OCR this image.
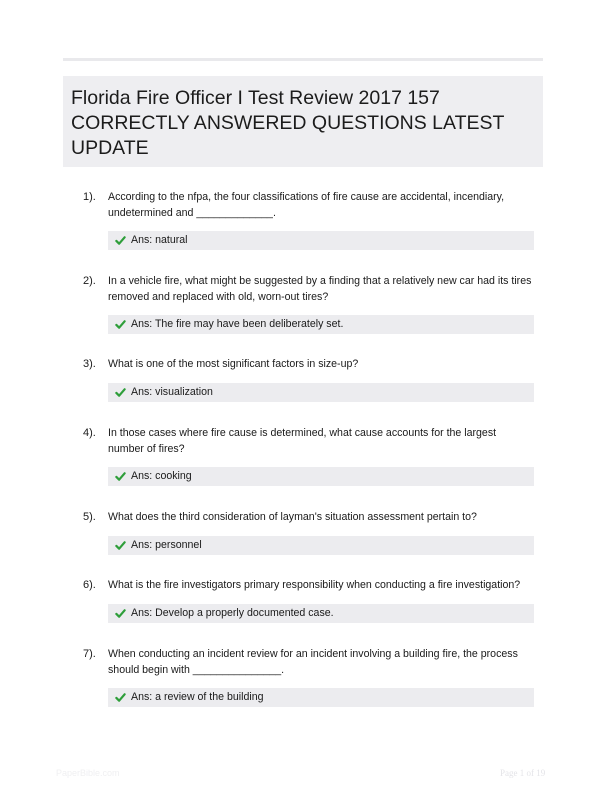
Florida Fire Officer I Test Review 2017 157 CORRECTLY ANSWERED QUESTIONS LATEST UPDATE
1). According to the nfpa, the four classifications of fire cause are accidental, incendiary, undetermined and _____________.
Ans: natural
2). In a vehicle fire, what might be suggested by a finding that a relatively new car had its tires removed and replaced with old, worn-out tires?
Ans: The fire may have been deliberately set.
3). What is one of the most significant factors in size-up?
Ans: visualization
4). In those cases where fire cause is determined, what cause accounts for the largest number of fires?
Ans: cooking
5). What does the third consideration of layman's situation assessment pertain to?
Ans: personnel
6). What is the fire investigators primary responsibility when conducting a fire investigation?
Ans: Develop a properly documented case.
7). When conducting an incident review for an incident involving a building fire, the process should begin with _______________.
Ans: a review of the building
PaperBible.com	Page 1 of 19
